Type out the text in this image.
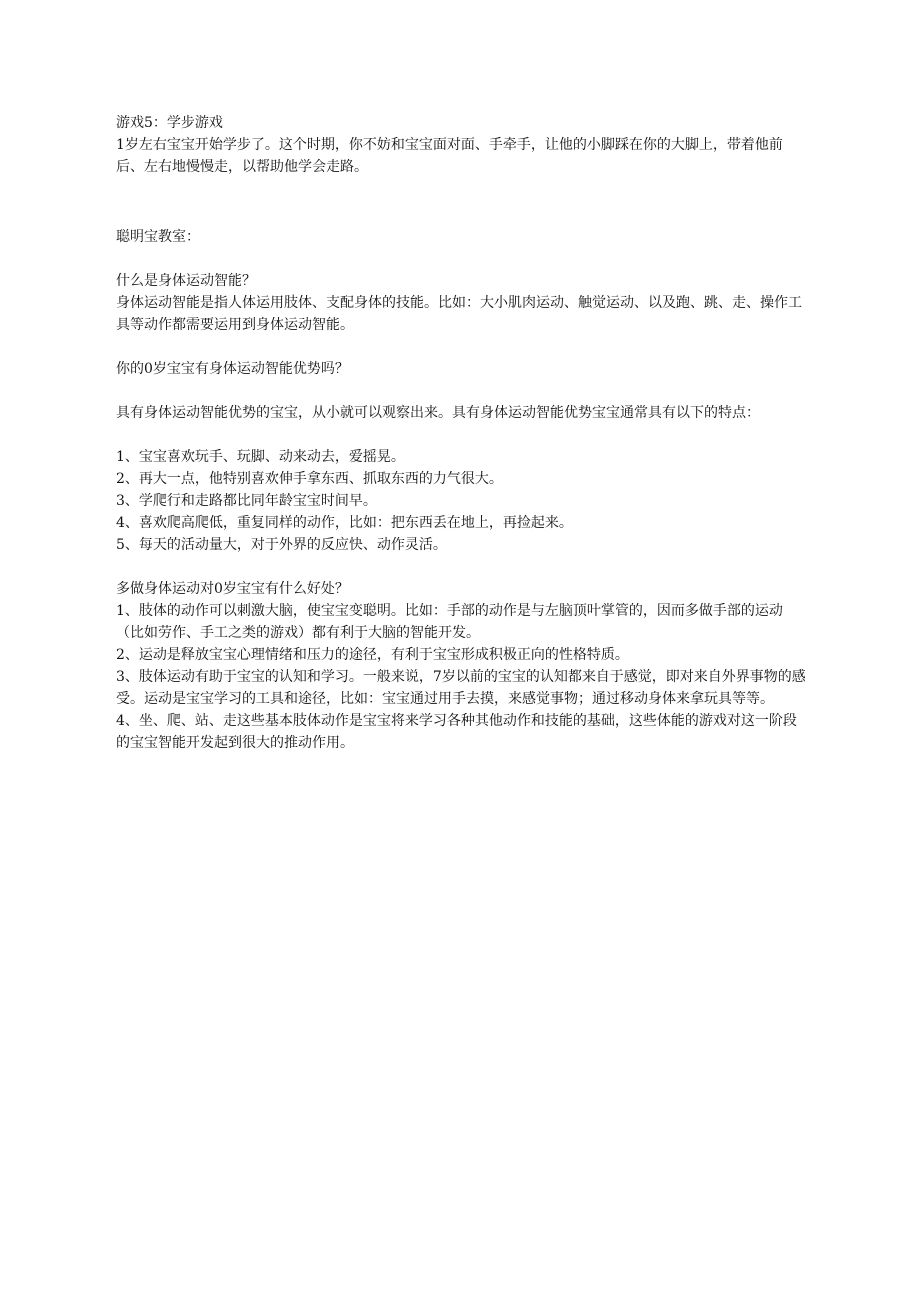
游戏5：学步游戏

1岁左右宝宝开始学步了。这个时期，你不妨和宝宝面对面、手牵手，让他的小脚踩在你的大脚上，带着他前后、左右地慢慢走，以帮助他学会走路。

聪明宝教室：

什么是身体运动智能？

身体运动智能是指人体运用肢体、支配身体的技能。比如：大小肌肉运动、触觉运动、以及跑、跳、走、操作工具等动作都需要运用到身体运动智能。

你的0岁宝宝有身体运动智能优势吗？

具有身体运动智能优势的宝宝，从小就可以观察出来。具有身体运动智能优势宝宝通常具有以下的特点：

1、宝宝喜欢玩手、玩脚、动来动去，爱摇晃。

2、再大一点，他特别喜欢伸手拿东西、抓取东西的力气很大。

3、学爬行和走路都比同年龄宝宝时间早。

4、喜欢爬高爬低，重复同样的动作，比如：把东西丢在地上，再捡起来。

5、每天的活动量大，对于外界的反应快、动作灵活。

多做身体运动对0岁宝宝有什么好处？

1、肢体的动作可以刺激大脑，使宝宝变聪明。比如：手部的动作是与左脑顶叶掌管的，因而多做手部的运动（比如劳作、手工之类的游戏）都有利于大脑的智能开发。

2、运动是释放宝宝心理情绪和压力的途径，有利于宝宝形成积极正向的性格特质。

3、肢体运动有助于宝宝的认知和学习。一般来说，7岁以前的宝宝的认知都来自于感觉，即对来自外界事物的感受。运动是宝宝学习的工具和途径，比如：宝宝通过用手去摸，来感觉事物；通过移动身体来拿玩具等等。

4、坐、爬、站、走这些基本肢体动作是宝宝将来学习各种其他动作和技能的基础，这些体能的游戏对这一阶段的宝宝智能开发起到很大的推动作用。
